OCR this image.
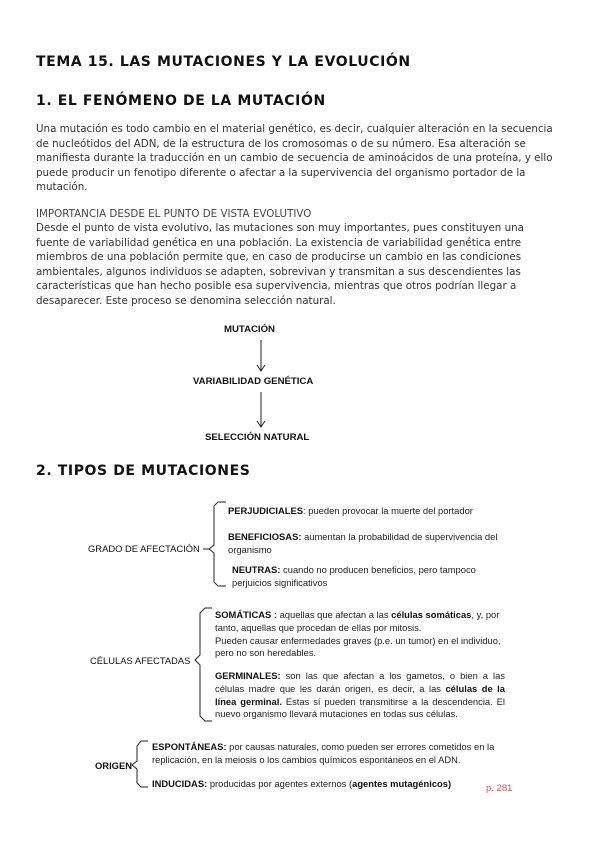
TEMA 15. LAS MUTACIONES Y LA EVOLUCIÓN
1. EL FENÓMENO DE LA MUTACIÓN
Una mutación es todo cambio en el material genético, es decir, cualquier alteración en la secuencia de nucleótidos del ADN, de la estructura de los cromosomas o de su número. Esa alteración se manifiesta durante la traducción en un cambio de secuencia de aminoácidos de una proteína, y ello puede producir un fenotipo diferente o afectar a la supervivencia del organismo portador de la mutación.
IMPORTANCIA DESDE EL PUNTO DE VISTA EVOLUTIVO
Desde el punto de vista evolutivo, las mutaciones son muy importantes, pues constituyen una fuente de variabilidad genética en una población. La existencia de variabilidad genética entre miembros de una población permite que, en caso de producirse un cambio en las condiciones ambientales, algunos individuos se adapten, sobrevivan y transmitan a sus descendientes las características que han hecho posible esa supervivencia, mientras que otros podrían llegar a desaparecer. Este proceso se denomina selección natural.
MUTACIÓN
VARIABILIDAD GENÉTICA
SELECCIÓN NATURAL
2. TIPOS DE MUTACIONES
GRADO DE AFECTACIÓN
PERJUDICIALES: pueden provocar la muerte del portador
BENEFICIOSAS: aumentan la probabilidad de supervivencia del organismo
NEUTRAS: cuando no producen beneficios, pero tampoco perjuicios significativos
CÉLULAS AFECTADAS
SOMÁTICAS : aquellas que afectan a las células somáticas, y, por tanto, aquellas que procedan de ellas por mitosis.
Pueden causar enfermedades graves (p.e. un tumor) en el individuo, pero no son heredables.
GERMINALES: son las que afectan a los gametos, o bien a las células madre que les darán origen, es decir, a las células de la línea germinal. Estas sí pueden transmitirse a la descendencia. El nuevo organismo llevará mutaciones en todas sus células.
ORIGEN
ESPONTÁNEAS: por causas naturales, como pueden ser errores cometidos en la replicación, en la meiosis o los cambios químicos espontáneos en el ADN.
INDUCIDAS: producidas por agentes externos (agentes mutagénicos)	p. 281
